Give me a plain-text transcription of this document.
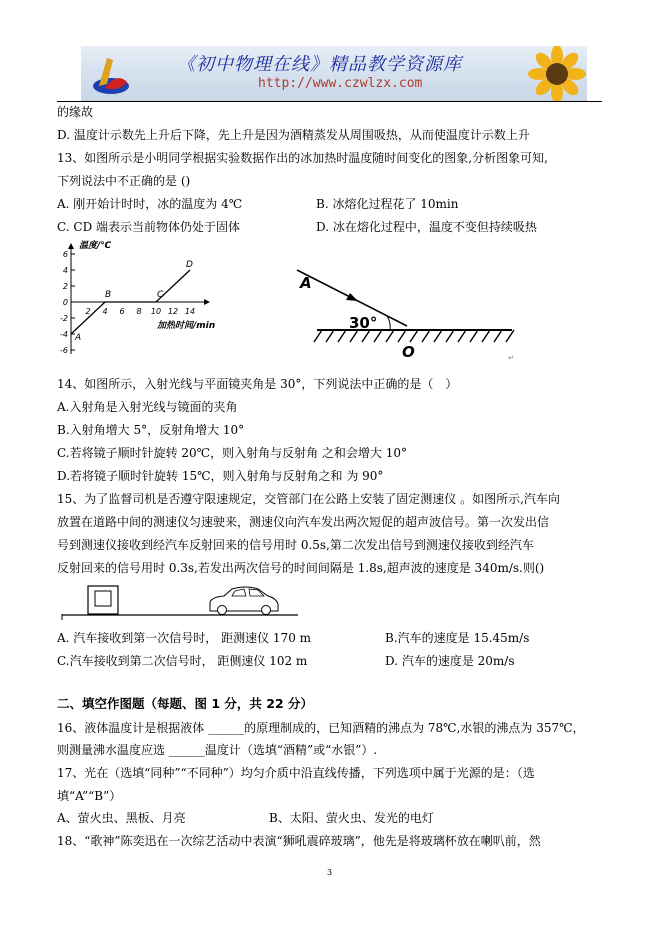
《初中物理在线》精品教学资源库
http://www.czwlzx.com
的缘故
D. 温度计示数先上升后下降，先上升是因为酒精蒸发从周围吸热，从而使温度计示数上升
13、如图所示是小明同学根据实验数据作出的冰加热时温度随时间变化的图象,分析图象可知,
下列说法中不正确的是 ()
A. 刚开始计时时，冰的温度为 4℃	B. 冰熔化过程花了 10min
C. CD 端表示当前物体仍处于固体	D. 冰在熔化过程中，温度不变但持续吸热
6
4
2
0
-2
-4
-6
2 4 6 8 10 12 14
温度/℃
加热时间/min
A
B	C
D
A
30°
O	↵
14、如图所示，入射光线与平面镜夹角是 30°，下列说法中正确的是（　）
A.入射角是入射光线与镜面的夹角
B.入射角增大 5°，反射角增大 10°
C.若将镜子顺时针旋转 20℃，则入射角与反射角 之和会增大 10°
D.若将镜子顺时针旋转 15℃，则入射角与反射角之和 为 90°
15、为了监督司机是否遵守限速规定，交管部门在公路上安装了固定测速仪 。如图所示,汽车向
放置在道路中间的测速仪匀速驶来，测速仪向汽车发出两次短促的超声波信号。第一次发出信
号到测速仪接收到经汽车反射回来的信号用时 0.5s,第二次发出信号到测速仪接收到经汽车
反射回来的信号用时 0.3s,若发出两次信号的时间间隔是 1.8s,超声波的速度是 340m/s.则()
A. 汽车接收到第一次信号时， 距测速仪 170 m	B.汽车的速度是 15.45m/s
C.汽车接收到第二次信号时， 距侧速仪 102 m	D. 汽车的速度是 20m/s
二、填空作图题（每题、图 1 分，共 22 分）
16、液体温度计是根据液体 ______的原理制成的，已知酒精的沸点为 78℃,水银的沸点为 357℃，
则测量沸水温度应选 ______温度计（选填“酒精”或“水银”）.
17、光在（选填“同种”“不同种”）均匀介质中沿直线传播，下列选项中属于光源的是：（选
填“A”“B”）
A、萤火虫、黑板、月亮	B、太阳、萤火虫、发光的电灯
18、“歌神”陈奕迅在一次综艺活动中表演“狮吼震碎玻璃”，他先是将玻璃杯放在喇叭前，然
3
